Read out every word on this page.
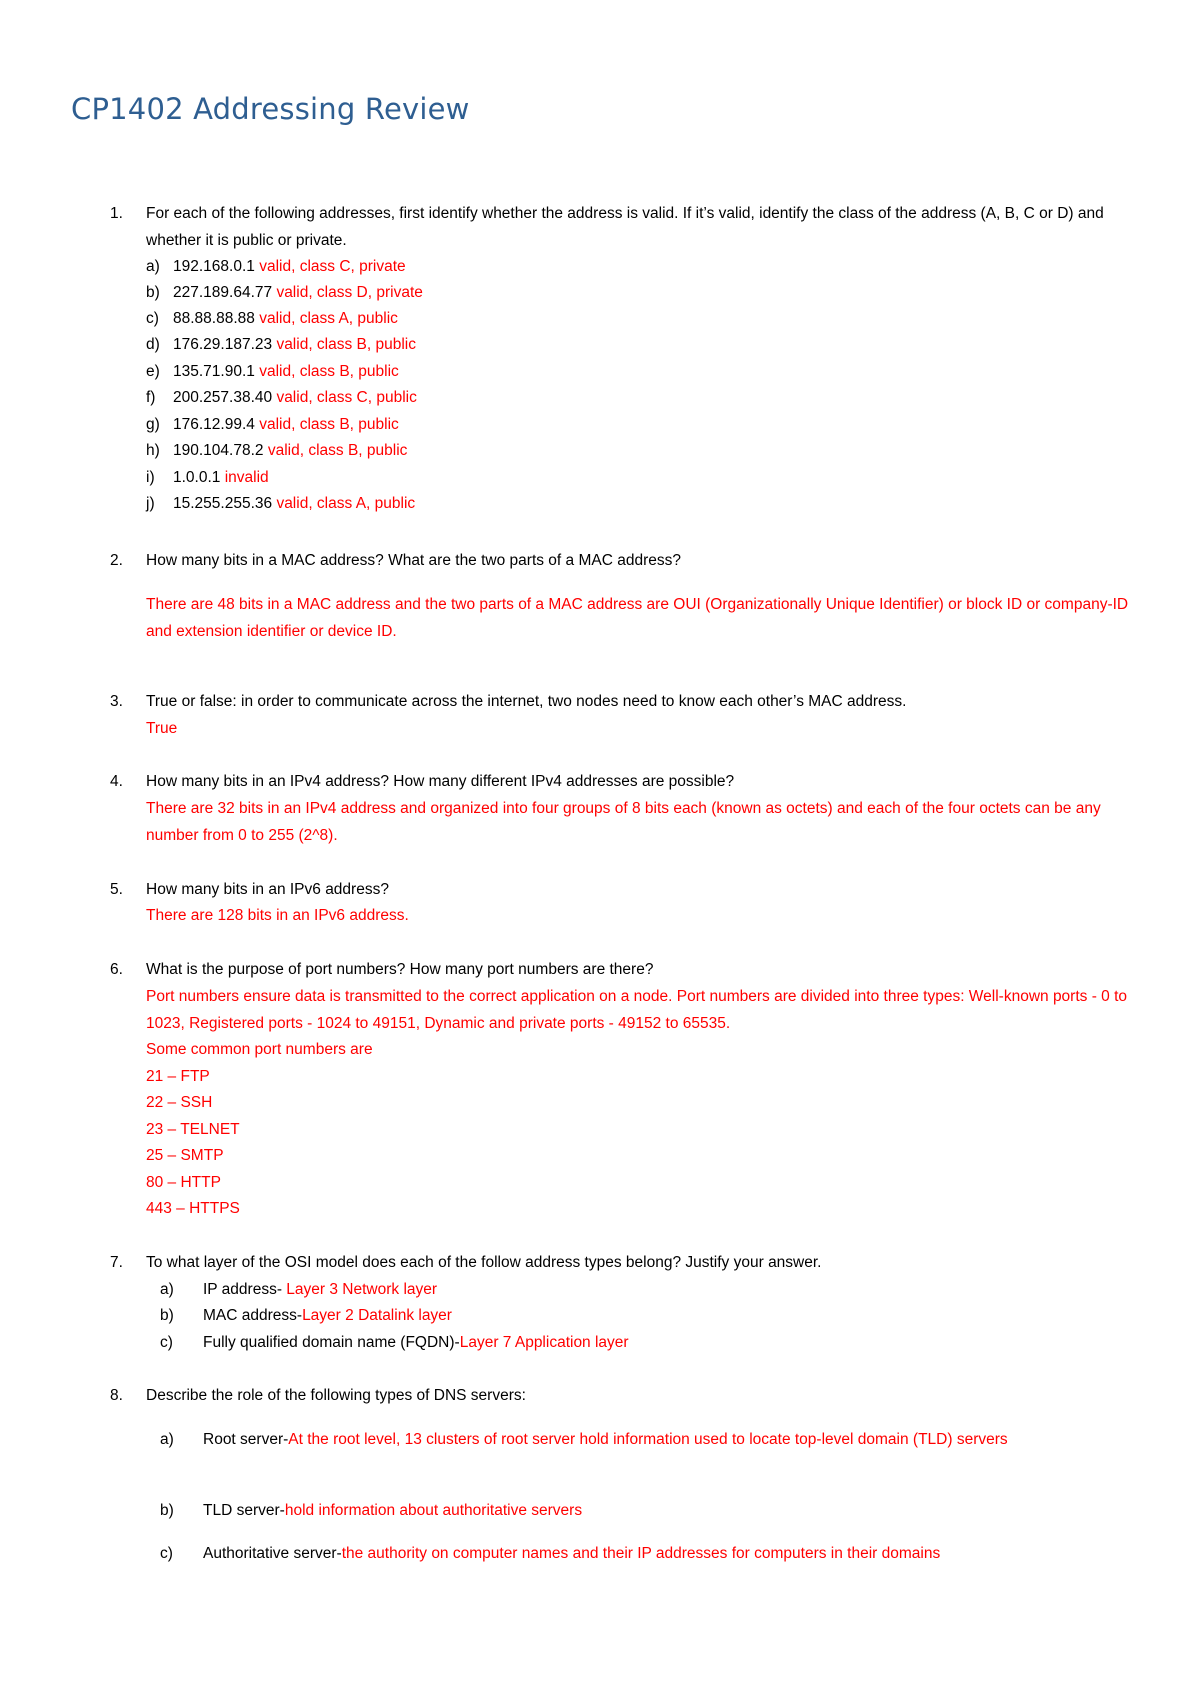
CP1402 Addressing Review
1.	For each of the following addresses, first identify whether the address is valid. If it’s valid, identify the class of the address (A, B, C or D) and whether it is public or private.
a) 192.168.0.1 valid, class C, private
b) 227.189.64.77 valid, class D, private
c) 88.88.88.88 valid, class A, public
d) 176.29.187.23 valid, class B, public
e) 135.71.90.1 valid, class B, public
f) 200.257.38.40 valid, class C, public
g) 176.12.99.4 valid, class B, public
h) 190.104.78.2 valid, class B, public
i) 1.0.0.1 invalid
j) 15.255.255.36 valid, class A, public
2.	How many bits in a MAC address? What are the two parts of a MAC address?
There are 48 bits in a MAC address and the two parts of a MAC address are OUI (Organizationally Unique Identifier) or block ID or company-ID and extension identifier or device ID.
3.	True or false: in order to communicate across the internet, two nodes need to know each other’s MAC address.
True
4.	How many bits in an IPv4 address? How many different IPv4 addresses are possible?
There are 32 bits in an IPv4 address and organized into four groups of 8 bits each (known as octets) and each of the four octets can be any number from 0 to 255 (2^8).
5.	How many bits in an IPv6 address?
There are 128 bits in an IPv6 address.
6.	What is the purpose of port numbers? How many port numbers are there?
Port numbers ensure data is transmitted to the correct application on a node. Port numbers are divided into three types: Well-known ports - 0 to 1023, Registered ports - 1024 to 49151, Dynamic and private ports - 49152 to 65535.
Some common port numbers are
21 – FTP
22 – SSH
23 – TELNET
25 – SMTP
80 – HTTP
443 – HTTPS
7.	To what layer of the OSI model does each of the follow address types belong? Justify your answer.
a) IP address- Layer 3 Network layer
b) MAC address-Layer 2 Datalink layer
c) Fully qualified domain name (FQDN)-Layer 7 Application layer
8.	Describe the role of the following types of DNS servers:
a) Root server-At the root level, 13 clusters of root server hold information used to locate top-level domain (TLD) servers
b) TLD server-hold information about authoritative servers
c) Authoritative server-the authority on computer names and their IP addresses for computers in their domains
